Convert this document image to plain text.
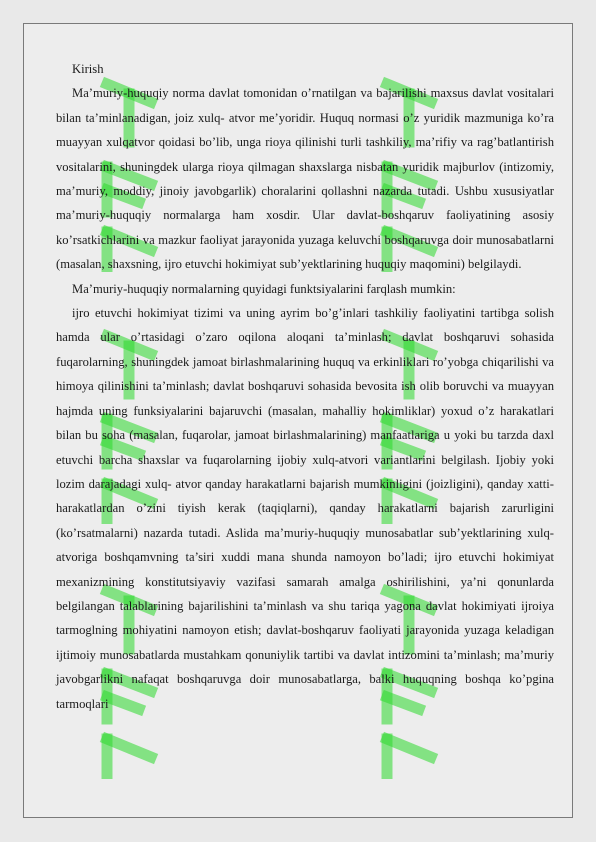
Kirish

Ma’muriy-huquqiy norma davlat tomonidan o’rnatilgan va bajarilishi maxsus davlat vositalari bilan ta’minlanadigan, joiz xulq- atvor me’yoridir. Huquq normasi o’z yuridik mazmuniga ko’ra muayyan xulqatvor qoidasi bo’lib, unga rioya qilinishi turli tashkiliy, ma’rifiy va rag’batlantirish vositalarini, shuningdek ularga rioya qilmagan shaxslarga nisbatan yuridik majburlov (intizomiy, ma’muriy, moddiy, jinoiy javobgarlik) choralarini qollashni nazarda tutadi. Ushbu xususiyatlar ma’muriy-huquqiy normalarga ham xosdir. Ular davlat-boshqaruv faoliyatining asosiy ko’rsatkichlarini va mazkur faoliyat jarayonida yuzaga keluvchi boshqaruvga doir munosabatlarni (masalan, shaxsning, ijro etuvchi hokimiyat sub’yektlarining huquqiy maqomini) belgilaydi.

Ma’muriy-huquqiy normalarning quyidagi funktsiyalarini farqlash mumkin:

ijro etuvchi hokimiyat tizimi va uning ayrim bo’g’inlari tashkiliy faoliyatini tartibga solish hamda ular o’rtasidagi o’zaro oqilona aloqani ta’minlash; davlat boshqaruvi sohasida fuqarolarning, shuningdek jamoat birlashmalarining huquq va erkinliklari ro’yobga chiqarilishi va himoya qilinishini ta’minlash; davlat boshqaruvi sohasida bevosita ish olib boruvchi va muayyan hajmda uning funksiyalarini bajaruvchi (masalan, mahalliy hokimliklar) yoxud o’z harakatlari bilan bu soha (masalan, fuqarolar, jamoat birlashmalarining) manfaatlariga u yoki bu tarzda daxl etuvchi barcha shaxslar va fuqarolarning ijobiy xulq-atvori variantlarini belgilash. Ijobiy yoki lozim darajadagi xulq- atvor qanday harakatlarni bajarish mumkinligini (joizligini), qanday xatti-harakatlardan o’zini tiyish kerak (taqiqlarni), qanday harakatlarni bajarish zarurligini (ko’rsatmalarni) nazarda tutadi. Aslida ma’muriy-huquqiy munosabatlar sub’yektlarining xulq- atvoriga boshqamvning ta’siri xuddi mana shunda namoyon bo’ladi; ijro etuvchi hokimiyat mexanizmining konstitutsiyaviy vazifasi samarah amalga oshirilishini, ya’ni qonunlarda belgilangan talablarining bajarilishini ta’minlash va shu tariqa yagona davlat hokimiyati ijroiya tarmoglning mohiyatini namoyon etish; davlat-boshqaruv faoliyati jarayonida yuzaga keladigan ijtimoiy munosabatlarda mustahkam qonuniylik tartibi va davlat intizomini ta’minlash; ma’muriy javobgarlikni nafaqat boshqaruvga doir munosabatlarga, balki huquqning boshqa ko’pgina tarmoqlari
